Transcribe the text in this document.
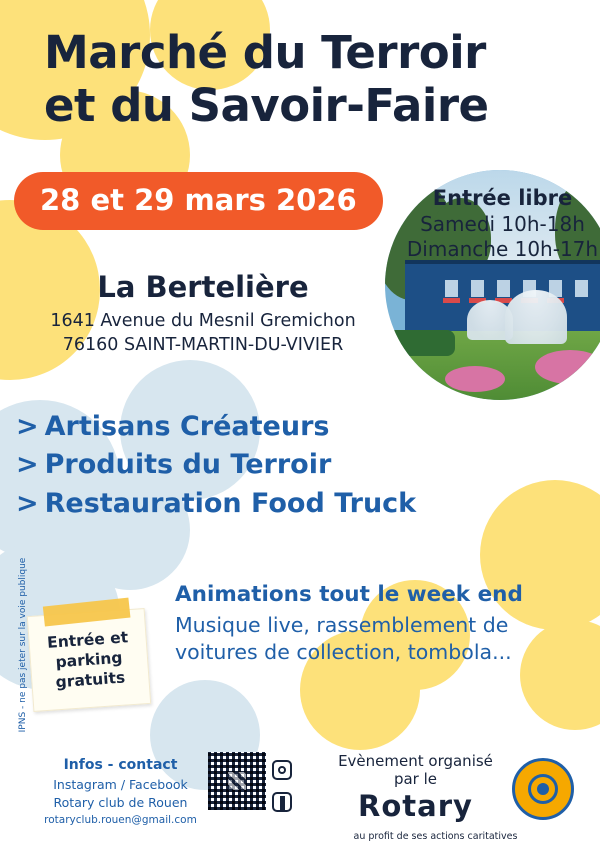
Marché du Terroir
et du Savoir-Faire
28 et 29 mars 2026
La Bertelière
1641 Avenue du Mesnil Gremichon
76160 SAINT-MARTIN-DU-VIVIER
Entrée libre
Samedi 10h-18h
Dimanche 10h-17h
> Artisans Créateurs
> Produits du Terroir
> Restauration Food Truck
Animations tout le week end
Musique live, rassemblement de voitures de collection, tombola...
Entrée et parking gratuits
Infos - contact
Instagram / Facebook
Rotary club de Rouen
rotaryclub.rouen@gmail.com
Evènement organisé
par le
Rotary
au profit de ses actions caritatives
IPNS - ne pas jeter sur la voie publique
